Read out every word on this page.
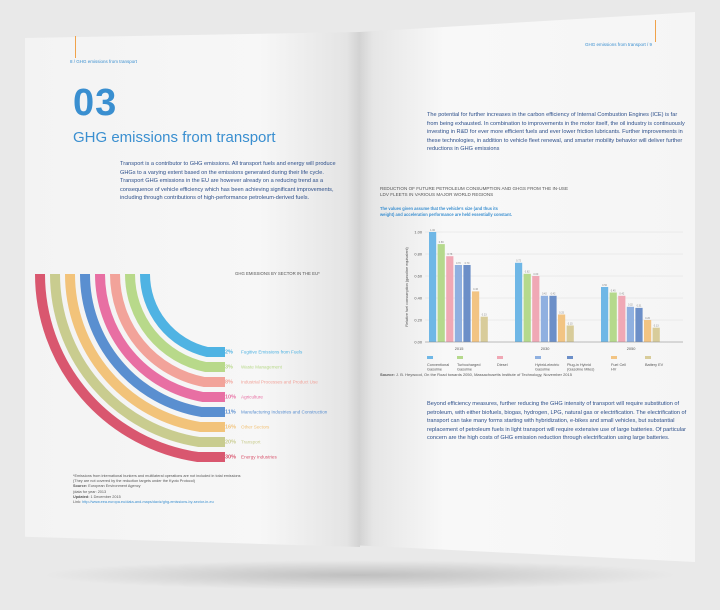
8 / GHG emissions from transport
03
GHG emissions from transport
Transport is a contributor to GHG emissions. All transport fuels and energy will produce GHGs to a varying extent based on the emissions generated during their life cycle. Transport GHG emissions in the EU are however already on a reducing trend as a consequence of vehicle efficiency which has been achieving significant improvements, including through contributions of high-performance petroleum-derived fuels.
GHG EMISSIONS BY SECTOR IN THE EU*
2% Fugitive Emissions from Fuels
3% Waste Management
8% Industrial Processes and Product Use
10% Agriculture
11% Manufacturing Industries and Construction
16% Other Sectors
20% Transport
30% Energy Industries
*Emissions from international bunkers and multilateral operations are not included in total emissions
(They are not covered by the reduction targets under the Kyoto Protocol)
Source: European Environment Agency
(data for year: 2013
Updated: 1 December 2015
Link: http://www.eea.europa.eu/data-and-maps/daviz/ghg-emissions-by-sector-in-eu
GHG emissions from transport / 9
The potential for further increases in the carbon efficiency of Internal Combustion Engines (ICE) is far from being exhausted. In combination to improvements in the motor itself, the oil industry is continuously investing in R&D for ever more efficient fuels and ever lower friction lubricants. Further improvements in these technologies, in addition to vehicle fleet renewal, and smarter mobility behavior will deliver further reductions in GHG emissions
REDUCTION OF FUTURE PETROLEUM CONSUMPTION AND GHGS FROM THE IN-USE LDV FLEETS IN VARIOUS MAJOR WORLD REGIONS
The values given assume that the vehicle's size (and thus its weight) and acceleration performance are held essentially constant.
1.00
0.80
0.60
0.40
0.20
0.00
Relative fuel consumption (gasoline equivalent)
1.00
0.89
0.78
0.70 0.70
0.46
0.23
2015
0.72
0.62
0.60
0.42 0.42
0.25
0.15
2030
0.50
0.45
0.42
0.32 0.31
0.20
0.13
2050
Conventional Gasoline
Turbocharged Gasoline
Diesel	Hybrid-electric Gasoline
Plug-in Hybrid (Gasoline Miles)
Fuel Cell HV
Battery EV
Source: J. B. Heywood, On the Road towards 2050, Massachusetts Institute of Technology, November 2015
Beyond efficiency measures, further reducing the GHG intensity of transport will require substitution of petroleum, with either biofuels, biogas, hydrogen, LPG, natural gas or electrification. The electrification of transport can take many forms starting with hybridization, e-bikes and small vehicles, but substantial replacement of petroleum fuels in light transport will require extensive use of large batteries. Of particular concern are the high costs of GHG emission reduction through electrification using large batteries.
